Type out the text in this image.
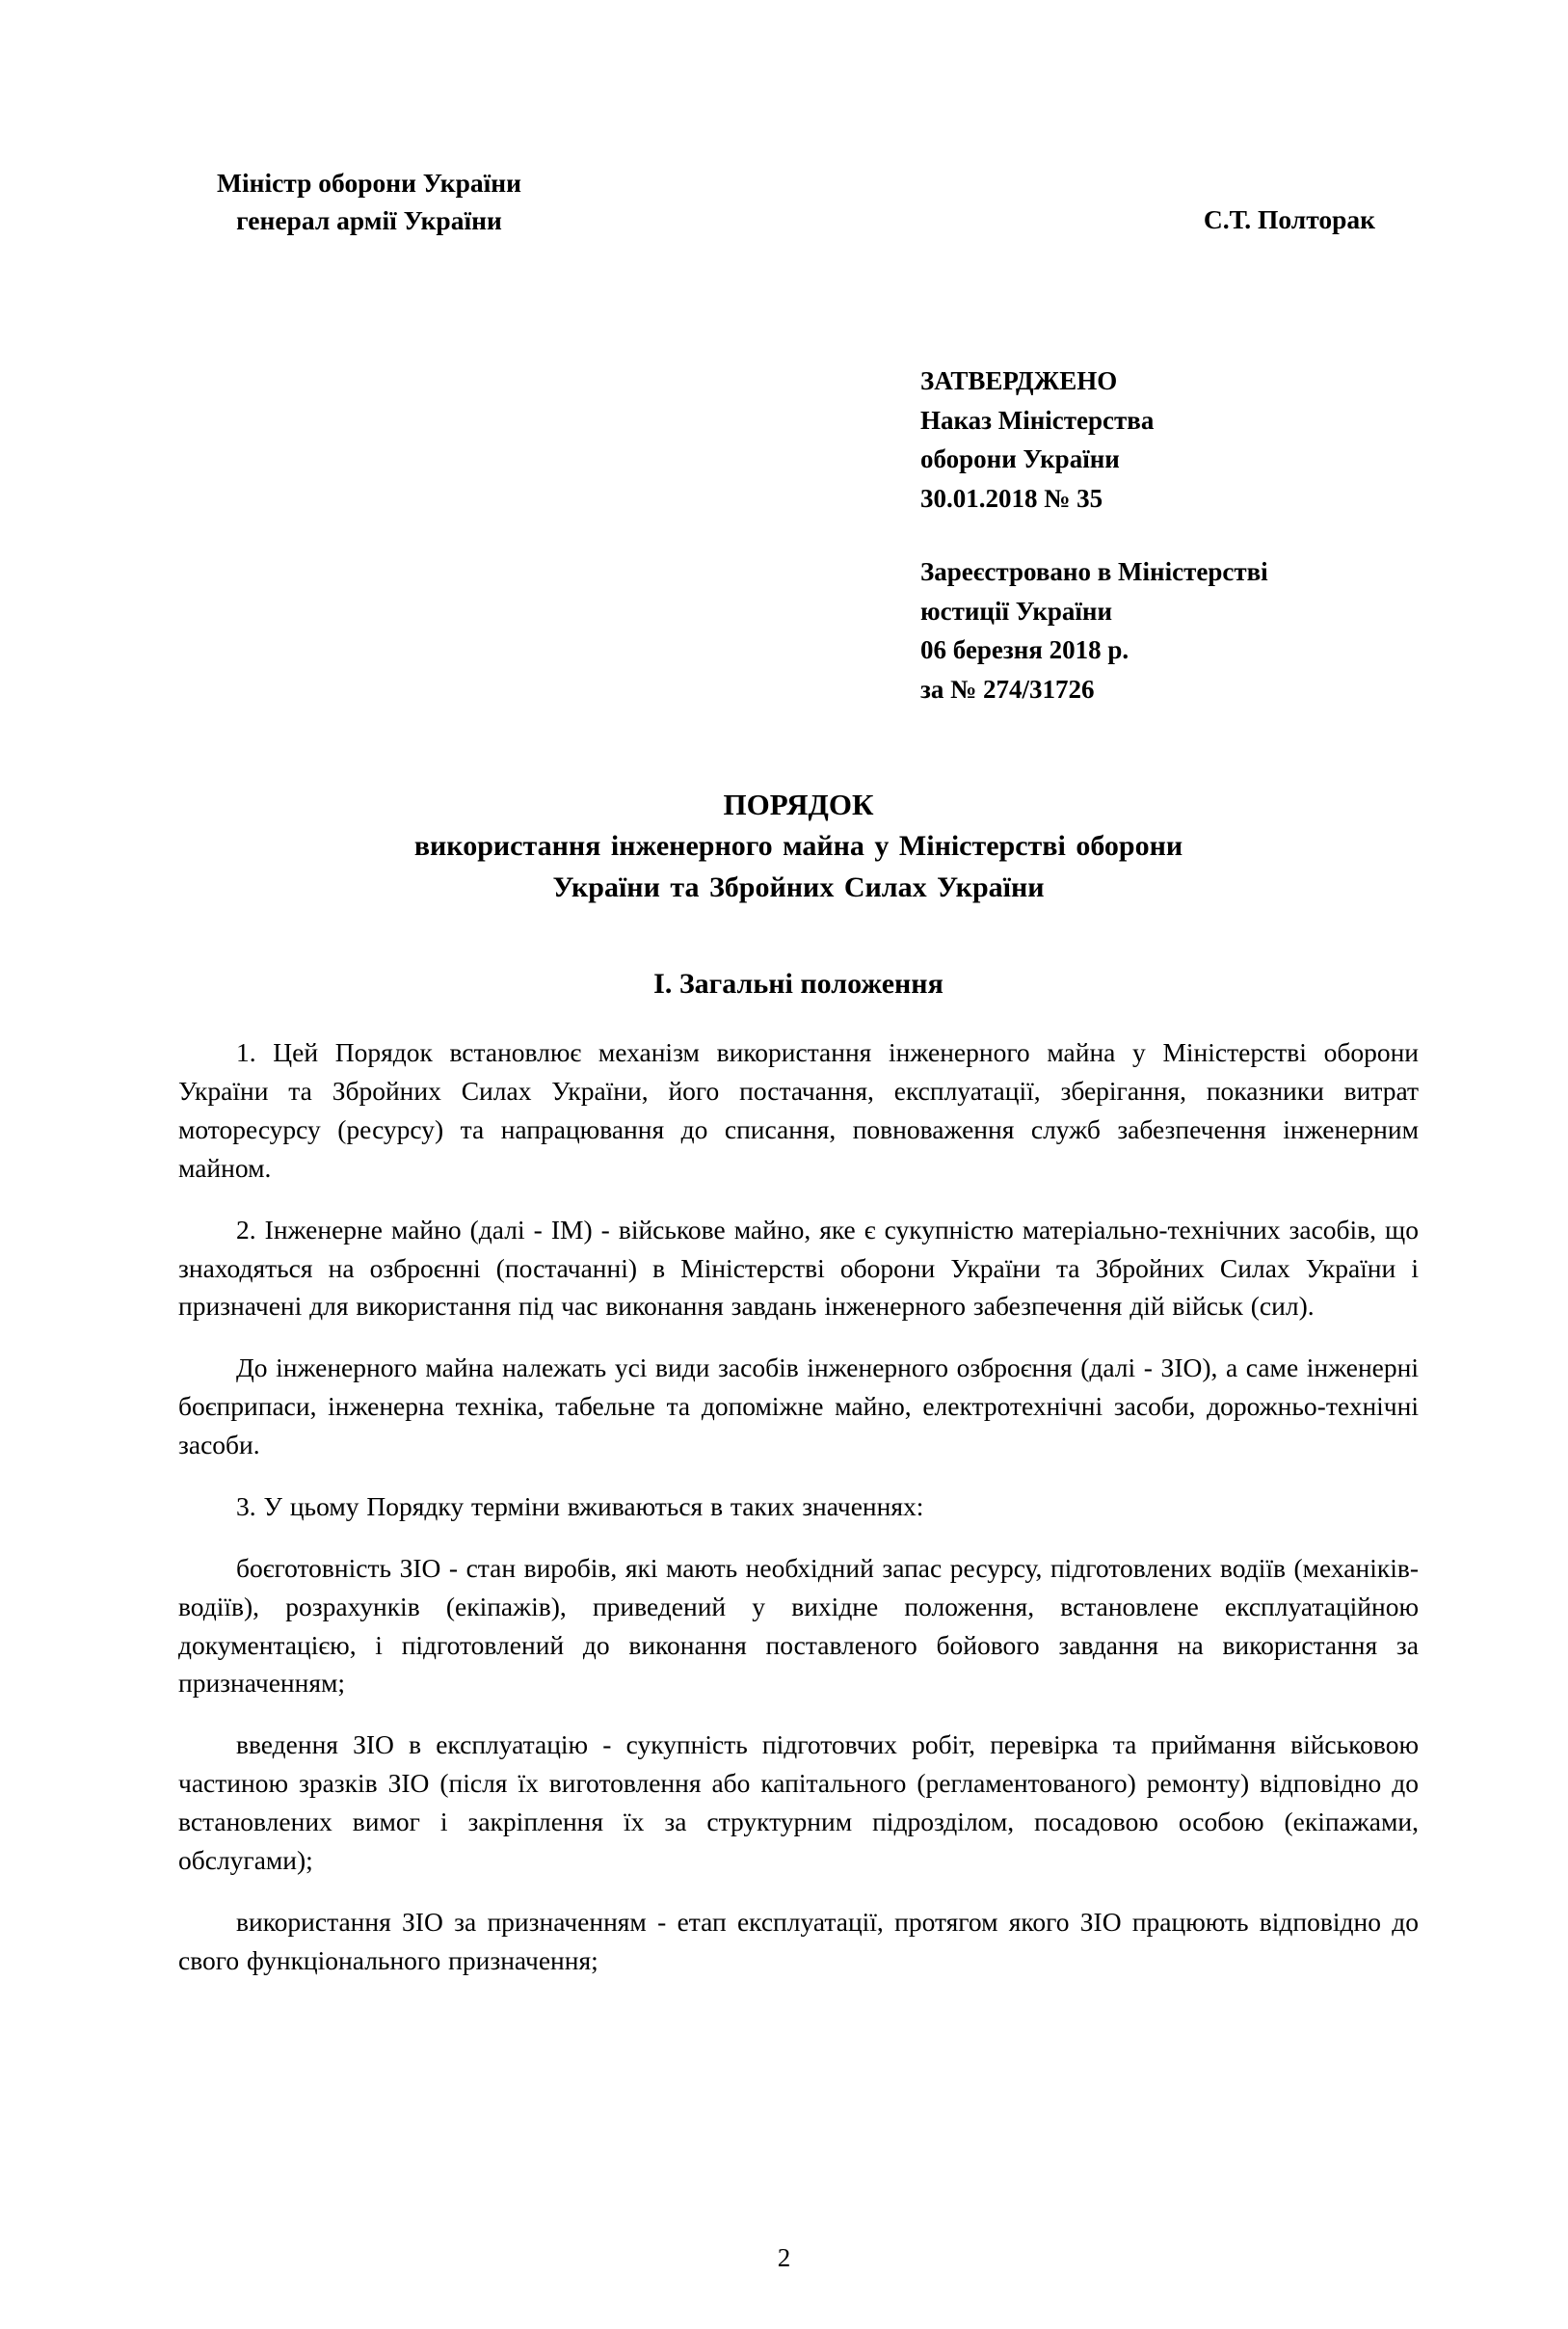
Міністр оборони України
генерал армії України	С.Т. Полторак
ЗАТВЕРДЖЕНО
Наказ Міністерства
оборони України
30.01.2018 № 35
Зареєстровано в Міністерстві
юстиції України
06 березня 2018 р.
за № 274/31726
ПОРЯДОК
використання інженерного майна у Міністерстві оборони
України та Збройних Силах України
I. Загальні положення

1. Цей Порядок встановлює механізм використання інженерного майна у Міністерстві оборони України та Збройних Силах України, його постачання, експлуатації, зберігання, показники витрат моторесурсу (ресурсу) та напрацювання до списання, повноваження служб забезпечення інженерним майном.

2. Інженерне майно (далі - ІМ) - військове майно, яке є сукупністю матеріально-технічних засобів, що знаходяться на озброєнні (постачанні) в Міністерстві оборони України та Збройних Силах України і призначені для використання під час виконання завдань інженерного забезпечення дій військ (сил).

До інженерного майна належать усі види засобів інженерного озброєння (далі - ЗІО), а саме інженерні боєприпаси, інженерна техніка, табельне та допоміжне майно, електротехнічні засоби, дорожньо-технічні засоби.

3. У цьому Порядку терміни вживаються в таких значеннях:

боєготовність ЗІО - стан виробів, які мають необхідний запас ресурсу, підготовлених водіїв (механіків-водіїв), розрахунків (екіпажів), приведений у вихідне положення, встановлене експлуатаційною документацією, і підготовлений до виконання поставленого бойового завдання на використання за призначенням;

введення ЗІО в експлуатацію - сукупність підготовчих робіт, перевірка та приймання військовою частиною зразків ЗІО (після їх виготовлення або капітального (регламентованого) ремонту) відповідно до встановлених вимог і закріплення їх за структурним підрозділом, посадовою особою (екіпажами, обслугами);

використання ЗІО за призначенням - етап експлуатації, протягом якого ЗІО працюють відповідно до свого функціонального призначення;

2
